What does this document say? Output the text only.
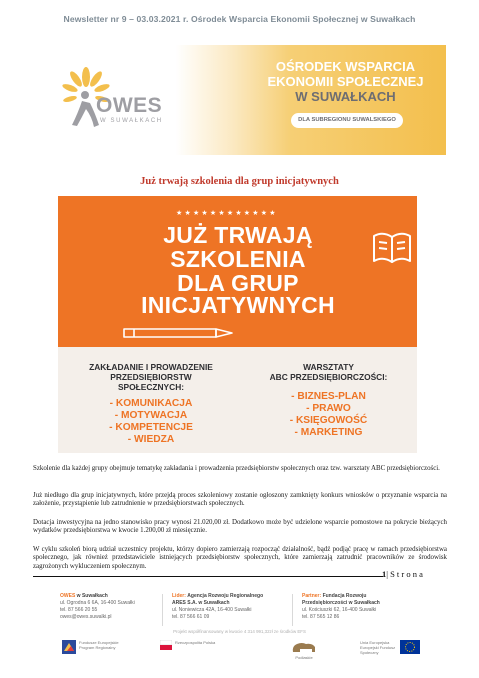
Newsletter nr 9 – 03.03.2021 r. Ośrodek Wsparcia Ekonomii Społecznej w Suwałkach
OWES
W SUWAŁKACH
OŚRODEK WSPARCIA
EKONOMII SPOŁECZNEJ
W SUWAŁKACH
DLA SUBREGIONU SUWALSKIEGO
Już trwają szkolenia dla grup inicjatywnych
★★★★★★★★★★★★
JUŻ TRWAJĄ
SZKOLENIA
DLA GRUP
INICJATYWNYCH
ZAKŁADANIE I PROWADZENIE
PRZEDSIĘBIORSTW
SPOŁECZNYCH:
- KOMUNIKACJA
- MOTYWACJA
- KOMPETENCJE
- WIEDZA
WARSZTATY
ABC PRZEDSIĘBIORCZOŚCI:
- BIZNES-PLAN
- PRAWO
- KSIĘGOWOŚĆ
- MARKETING

Szkolenie dla każdej grupy obejmuje tematykę zakładania i prowadzenia przedsiębiorstw społecznych oraz tzw. warsztaty ABC przedsiębiorczości.

Już niedługo dla grup inicjatywnych, które przejdą proces szkoleniowy zostanie ogłoszony zamknięty konkurs wniosków o przyznanie wsparcia na założenie, przystąpienie lub zatrudnienie w przedsiębiorstwach społecznych.

Dotacja inwestycyjna na jedno stanowisko pracy wynosi 21.020,00 zł. Dodatkowo może być udzielone wsparcie pomostowe na pokrycie bieżących wydatków przedsiębiorstwa w kwocie 1.200,00 zł miesięcznie.

W cyklu szkoleń biorą udział uczestnicy projektu, którzy dopiero zamierzają rozpocząć działalność, bądź podjąć pracę w ramach przedsiębiorstwa społecznego, jak również przedstawiciele istniejących przedsiębiorstw społecznych, które zamierzają zatrudnić pracowników ze środowisk zagrożonych wykluczeniem społecznym.

1| S t r o n a
OWES w Suwałkach
ul. Ogrodna 6 6A, 16-400 Suwałki
tel. 87 566 20 55
owes@owes.suwalki.pl
Lider: Agencja Rozwoju Regionalnego
ARES S.A. w Suwałkach
ul. Noniewicza 42A, 16-400 Suwałki
tel. 87 566 61 09
Partner: Fundacja Rozwoju
Przedsiębiorczości w Suwałkach
ul. Kościuszki 62, 16-400 Suwałki
tel. 87 565 12 86
Projekt współfinansowany w kwocie 4 314 991,32zł ze środków EFS
Fundusze Europejskie Program Regionalny
Rzeczpospolita Polska
Podlaskie
Unia Europejska Europejski Fundusz Społeczny
